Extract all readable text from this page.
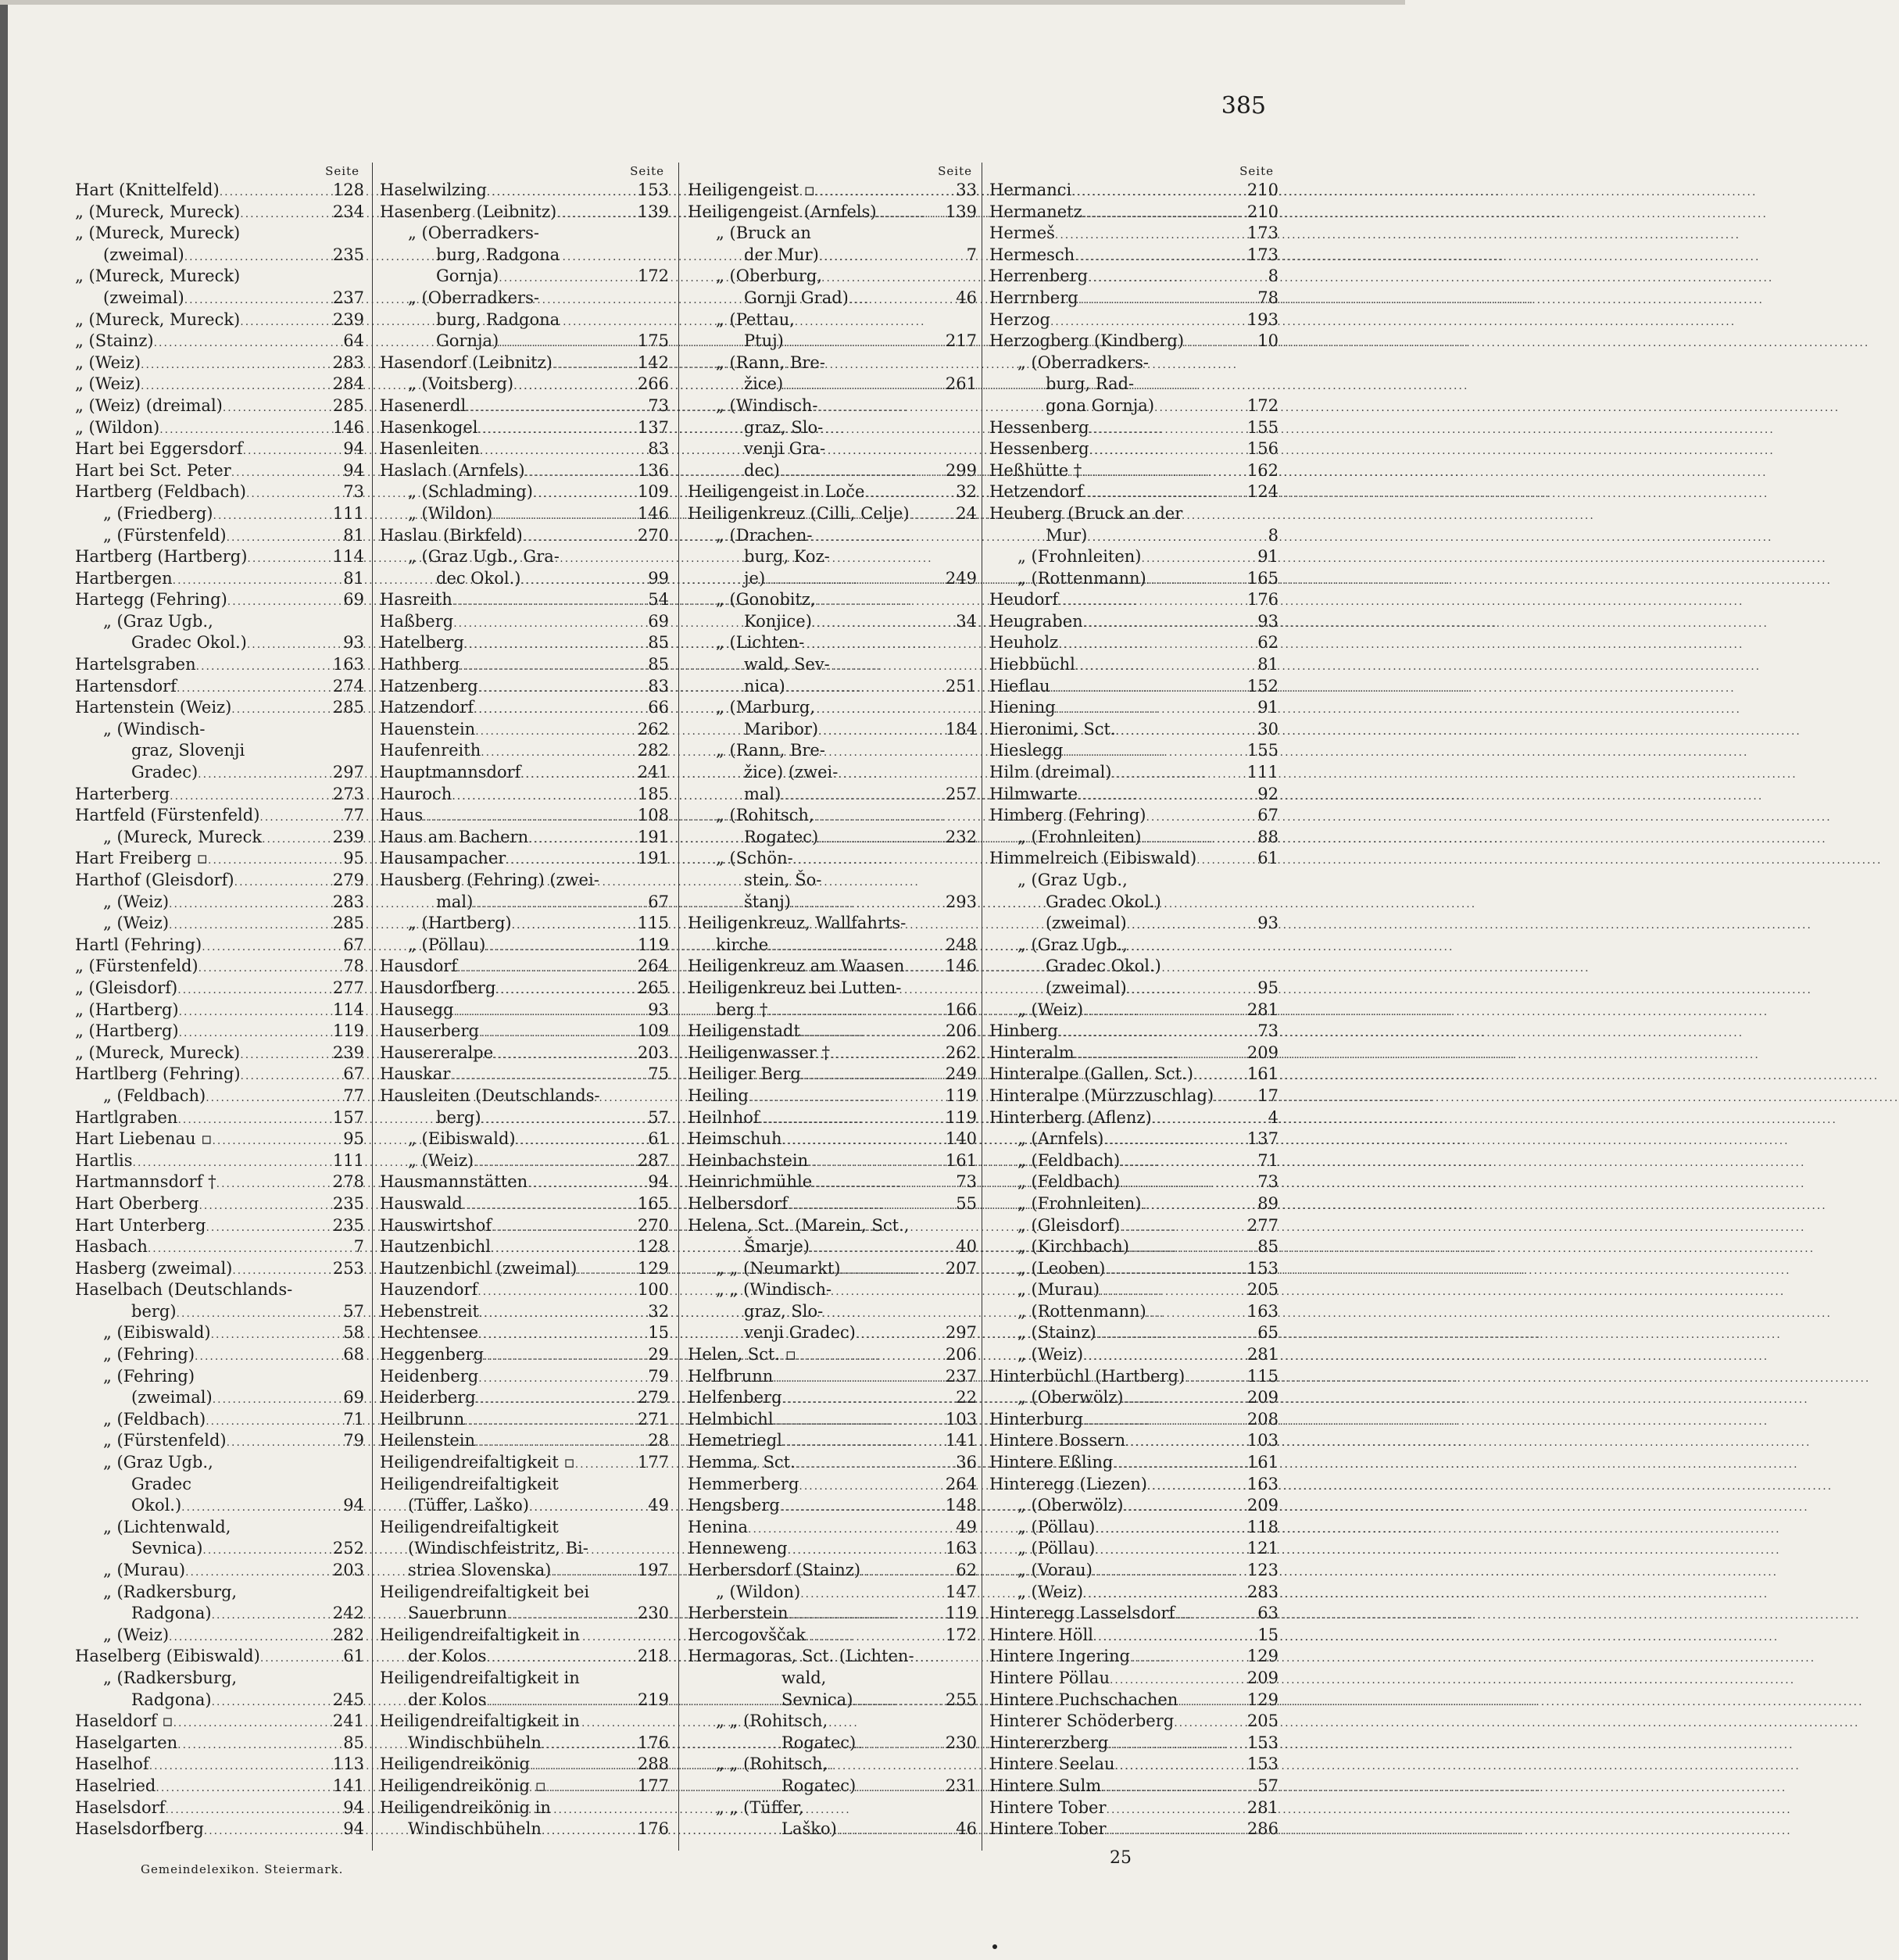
385
Seite
Hart (Knittelfeld) .....	128
„ (Mureck, Mureck) .....	234
„ (Mureck, Mureck)
(zweimal) .....	235
„ (Mureck, Mureck)
(zweimal) .....	237
„ (Mureck, Mureck) .....	239
„ (Stainz) .....	64
„ (Weiz) .....	283
„ (Weiz) .....	284
„ (Weiz) (dreimal) .....	285
„ (Wildon) .....	146
Hart bei Eggersdorf .....	94
Hart bei Sct. Peter .....	94
Hartberg (Feldbach) .....	73
„ (Friedberg) .....	111
„ (Fürstenfeld) .....	81
Hartberg (Hartberg) .....	114
Hartbergen .....	81
Hartegg (Fehring) .....	69
„ (Graz Ugb.,
Gradec Okol.) .....	93
Hartelsgraben .....	163
Hartensdorf .....	274
Hartenstein (Weiz) .....	285
„ (Windisch-
graz, Slovenji
Gradec) .....	297
Harterberg .....	273
Hartfeld (Fürstenfeld) .....	77
„ (Mureck, Mureck .....	239
Hart Freiberg ▫ .....	95
Harthof (Gleisdorf) .....	279
„ (Weiz) .....	283
„ (Weiz) .....	285
Hartl (Fehring) .....	67
„ (Fürstenfeld) .....	78
„ (Gleisdorf) .....	277
„ (Hartberg) .....	114
„ (Hartberg) .....	119
„ (Mureck, Mureck) .....	239
Hartlberg (Fehring) .....	67
„ (Feldbach) .....	77
Hartlgraben .....	157
Hart Liebenau ▫ .....	95
Hartlis .....	111
Hartmannsdorf † .....	278
Hart Oberberg .....	235
Hart Unterberg .....	235
Hasbach .....	7
Hasberg (zweimal) .....	253
Haselbach (Deutschlands-
berg) .....	57
„ (Eibiswald) .....	58
„ (Fehring) .....	68
„ (Fehring)
(zweimal) .....	69
„ (Feldbach) .....	71
„ (Fürstenfeld) .....	79
„ (Graz Ugb.,
Gradec
Okol.) .....	94
„ (Lichtenwald,
Sevnica) .....	252
„ (Murau) .....	203
„ (Radkersburg,
Radgona) .....	242
„ (Weiz) .....	282
Haselberg (Eibiswald) .....	61
„ (Radkersburg,
Radgona) .....	245
Haseldorf ▫ .....	241
Haselgarten .....	85
Haselhof .....	113
Haselried .....	141
Haselsdorf .....	94
Haselsdorfberg .....	94
Seite
Haselwilzing .....	153
Hasenberg (Leibnitz) .....	139
„ (Oberradkers-
burg, Radgona
Gornja) .....	172
„ (Oberradkers-
burg, Radgona
Gornja) .....	175
Hasendorf (Leibnitz) .....	142
„ (Voitsberg) .....	266
Hasenerdl .....	73
Hasenkogel .....	137
Hasenleiten .....	83
Haslach (Arnfels) .....	136
„ (Schladming) .....	109
„ (Wildon) .....	146
Haslau (Birkfeld) .....	270
„ (Graz Ugb., Gra-
dec Okol.) .....	99
Hasreith .....	54
Haßberg .....	69
Hatelberg .....	85
Hathberg .....	85
Hatzenberg .....	83
Hatzendorf .....	66
Hauenstein .....	262
Haufenreith .....	282
Hauptmannsdorf .....	241
Hauroch .....	185
Haus .....	108
Haus am Bachern .....	191
Hausampacher .....	191
Hausberg (Fehring) (zwei-
mal) .....	67
„ (Hartberg) .....	115
„ (Pöllau) .....	119
Hausdorf .....	264
Hausdorfberg .....	265
Hausegg .....	93
Hauserberg .....	109
Hausereralpe .....	203
Hauskar .....	75
Hausleiten (Deutschlands-
berg) .....	57
„ (Eibiswald) .....	61
„ (Weiz) .....	287
Hausmannstätten .....	94
Hauswald .....	165
Hauswirtshof .....	270
Hautzenbichl .....	128
Hautzenbichl (zweimal) .....	129
Hauzendorf .....	100
Hebenstreit .....	32
Hechtensee .....	15
Heggenberg .....	29
Heidenberg .....	79
Heiderberg .....	279
Heilbrunn .....	271
Heilenstein .....	28
Heiligendreifaltigkeit ▫ .....	177
Heiligendreifaltigkeit
(Tüffer, Laško) .....	49
Heiligendreifaltigkeit
(Windischfeistritz, Bi-
striea Slovenska) .....	197
Heiligendreifaltigkeit bei
Sauerbrunn .....	230
Heiligendreifaltigkeit in
der Kolos .....	218
Heiligendreifaltigkeit in
der Kolos .....	219
Heiligendreifaltigkeit in
Windischbüheln .....	176
Heiligendreikönig .....	288
Heiligendreikönig ▫ .....	177
Heiligendreikönig in
Windischbüheln .....	176
Seite
Heiligengeist ▫ .....	33
Heiligengeist (Arnfels) .....	139
„ (Bruck an
der Mur) .....	7
„ (Oberburg,
Gornji Grad) .....	46
„ (Pettau,
Ptuj) .....	217
„ (Rann, Bre-
žice) .....	261
„ (Windisch-
graz, Slo-
venji Gra-
dec) .....	299
Heiligengeist in Loče .....	32
Heiligenkreuz (Cilli, Celje) .....	24
„ (Drachen-
burg, Koz-
je) .....	249
„ (Gonobitz,
Konjice) .....	34
„ (Lichten-
wald, Sev-
nica) .....	251
„ (Marburg,
Maribor) .....	184
„ (Rann, Bre-
žice) (zwei-
mal) .....	257
„ (Rohitsch,
Rogatec) .....	232
„ (Schön-
stein, Šo-
štanj) .....	293
Heiligenkreuz, Wallfahrts-
kirche .....	248
Heiligenkreuz am Waasen .....	146
Heiligenkreuz bei Lutten-
berg † .....	166
Heiligenstadt .....	206
Heiligenwasser † .....	262
Heiliger Berg .....	249
Heiling .....	119
Heilnhof .....	119
Heimschuh .....	140
Heinbachstein .....	161
Heinrichmühle .....	73
Helbersdorf .....	55
Helena, Sct. (Marein, Sct.,
Šmarje) .....	40
„ „ (Neumarkt) .....	207
„ „ (Windisch-
graz, Slo-
venji Gradec) .....	297
Helen, Sct. ▫ .....	206
Helfbrunn .....	237
Helfenberg .....	22
Helmbichl .....	103
Hemetriegl .....	141
Hemma, Sct. .....	36
Hemmerberg .....	264
Hengsberg .....	148
Henina .....	49
Henneweng .....	163
Herbersdorf (Stainz) .....	62
„ (Wildon) .....	147
Herberstein .....	119
Hercogovščak .....	172
Hermagoras, Sct. (Lichten-
wald,
Sevnica) .....	255
„ „ (Rohitsch,
Rogatec) .....	230
„ „ (Rohitsch,
Rogatec) .....	231
„ „ (Tüffer,
Laško) .....	46
Seite
Hermanci .....	210
Hermanetz .....	210
Hermeš .....	173
Hermesch .....	173
Herrenberg .....	8
Herrnberg .....	78
Herzog .....	193
Herzogberg (Kindberg) .....	10
„ (Oberradkers-
burg, Rad-
gona Gornja) .....	172
Hessenberg .....	155
Hessenberg .....	156
Heßhütte † .....	162
Hetzendorf .....	124
Heuberg (Bruck an der
Mur) .....	8
„ (Frohnleiten) .....	91
„ (Rottenmann) .....	165
Heudorf .....	176
Heugraben .....	93
Heuholz .....	62
Hiebbüchl .....	81
Hieflau .....	152
Hiening .....	91
Hieronimi, Sct. .....	30
Hieslegg .....	155
Hilm (dreimal) .....	111
Hilmwarte .....	92
Himberg (Fehring) .....	67
„ (Frohnleiten) .....	88
Himmelreich (Eibiswald) .....	61
„ (Graz Ugb.,
Gradec Okol.)
(zweimal) .....	93
„ (Graz Ugb.,
Gradec Okol.)
(zweimal) .....	95
„ (Weiz) .....	281
Hinberg .....	73
Hinteralm .....	209
Hinteralpe (Gallen, Sct.) .....	161
Hinteralpe (Mürzzuschlag) .....	17
Hinterberg (Aflenz) .....	4
„ (Arnfels) .....	137
„ (Feldbach) .....	71
„ (Feldbach) .....	73
„ (Frohnleiten) .....	89
„ (Gleisdorf) .....	277
„ (Kirchbach) .....	85
„ (Leoben) .....	153
„ (Murau) .....	205
„ (Rottenmann) .....	163
„ (Stainz) .....	65
„ (Weiz) .....	281
Hinterbüchl (Hartberg) .....	115
„ (Oberwölz) .....	209
Hinterburg .....	208
Hintere Bossern .....	103
Hintere Eßling .....	161
Hinteregg (Liezen) .....	163
„ (Oberwölz) .....	209
„ (Pöllau) .....	118
„ (Pöllau) .....	121
„ (Vorau) .....	123
„ (Weiz) .....	283
Hinteregg Lasselsdorf .....	63
Hintere Höll .....	15
Hintere Ingering .....	129
Hintere Pöllau .....	209
Hintere Puchschachen .....	129
Hinterer Schöderberg .....	205
Hintererzberg .....	153
Hintere Seelau .....	153
Hintere Sulm .....	57
Hintere Tober .....	281
Hintere Tober .....	286
Gemeindelexikon. Steiermark.
25
